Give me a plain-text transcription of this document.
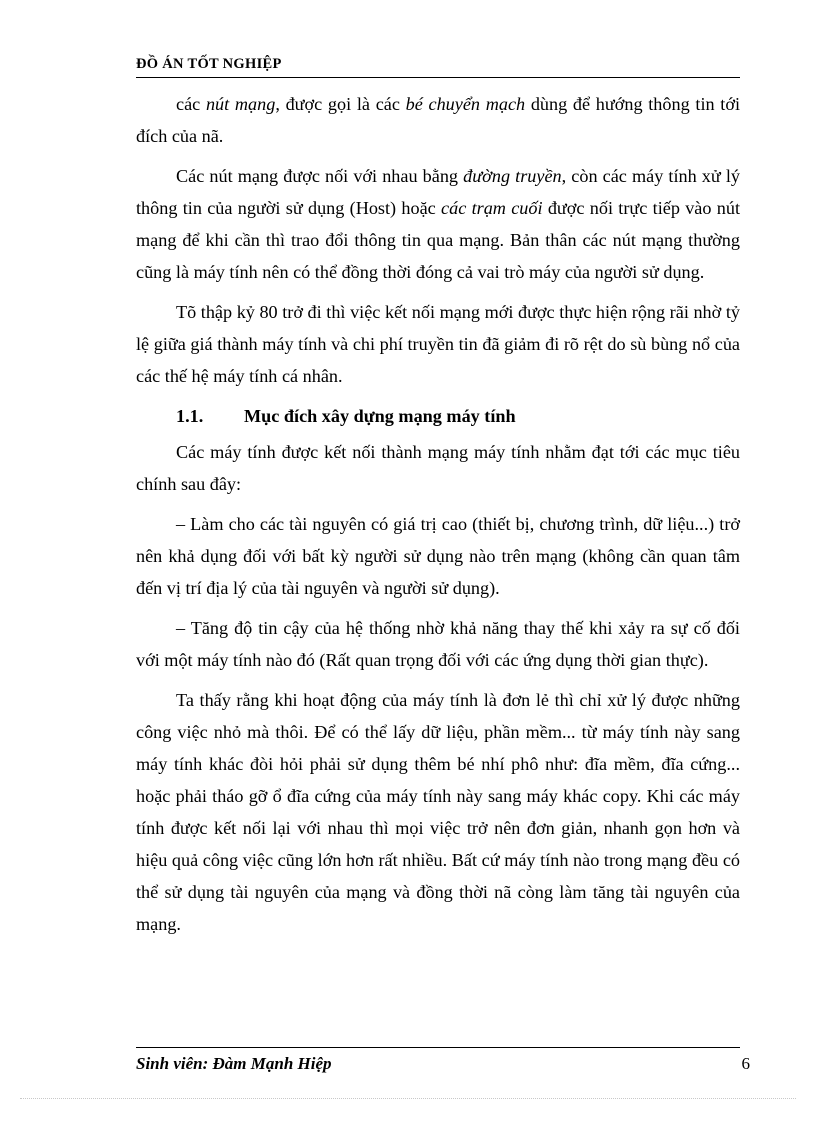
ĐỒ ÁN TỐT NGHIỆP

các nút mạng, được gọi là các bé chuyển mạch dùng để hướng thông tin tới đích của nã.

Các nút mạng được nối với nhau bằng đường truyền, còn các máy tính xử lý thông tin của người sử dụng (Host) hoặc các trạm cuối được nối trực tiếp vào nút mạng để khi cần thì trao đổi thông tin qua mạng. Bản thân các nút mạng thường cũng là máy tính nên có thể đồng thời đóng cả vai trò máy của người sử dụng.

Tõ thập kỷ 80 trở đi thì việc kết nối mạng mới được thực hiện rộng rãi nhờ tỷ lệ giữa giá thành máy tính và chi phí truyền tin đã giảm đi rõ rệt do sù bùng nổ của các thế hệ máy tính cá nhân.

1.1.	Mục đích xây dựng mạng máy tính

Các máy tính được kết nối thành mạng máy tính nhằm đạt tới các mục tiêu chính sau đây:

– Làm cho các tài nguyên có giá trị cao (thiết bị, chương trình, dữ liệu...) trở nên khả dụng đối với bất kỳ người sử dụng nào trên mạng (không cần quan tâm đến vị trí địa lý của tài nguyên và người sử dụng).

– Tăng độ tin cậy của hệ thống nhờ khả năng thay thế khi xảy ra sự cố đối với một máy tính nào đó (Rất quan trọng đối với các ứng dụng thời gian thực).

Ta thấy rằng khi hoạt động của máy tính là đơn lẻ thì chỉ xử lý được những công việc nhỏ mà thôi. Để có thể lấy dữ liệu, phần mềm... từ máy tính này sang máy tính khác đòi hỏi phải sử dụng thêm bé nhí phô như: đĩa mềm, đĩa cứng... hoặc phải tháo gỡ ổ đĩa cứng của máy tính này sang máy khác copy. Khi các máy tính được kết nối lại với nhau thì mọi việc trở nên đơn giản, nhanh gọn hơn và hiệu quả công việc cũng lớn hơn rất nhiều. Bất cứ máy tính nào trong mạng đều có thể sử dụng tài nguyên của mạng và đồng thời nã còng làm tăng tài nguyên của mạng.

Sinh viên: Đàm Mạnh Hiệp	6
